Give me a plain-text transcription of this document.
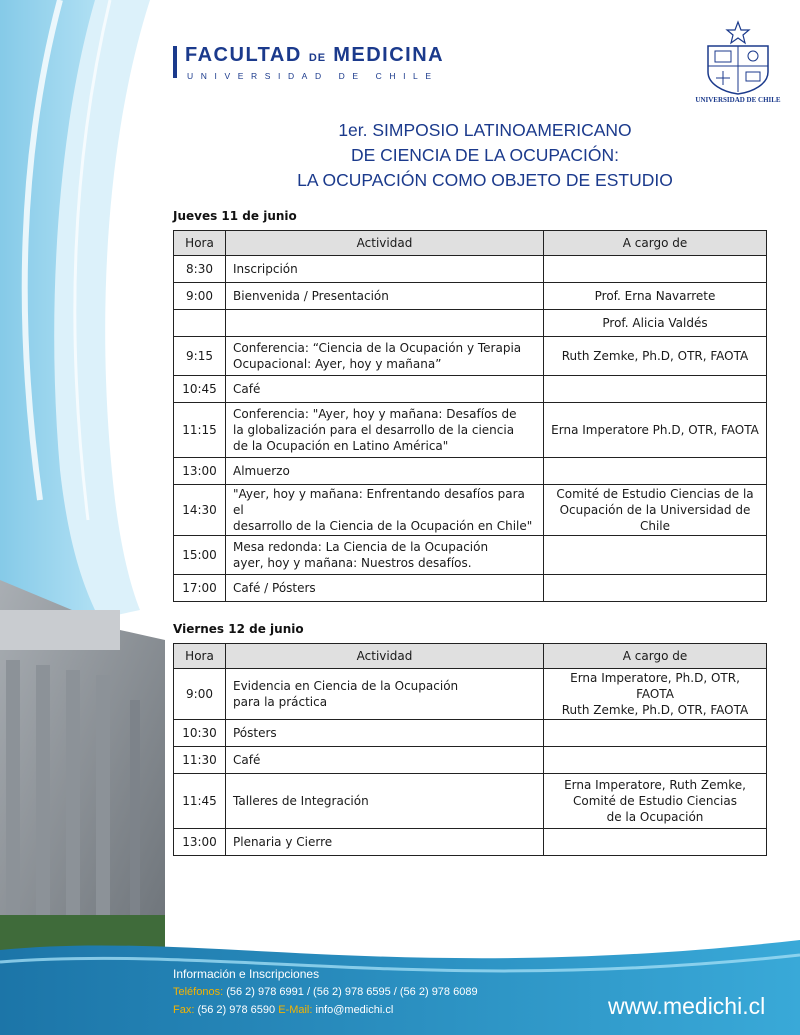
FACULTAD DE MEDICINA
UNIVERSIDAD DE CHILE
UNIVERSIDAD DE CHILE
1er. SIMPOSIO LATINOAMERICANO
DE CIENCIA DE LA OCUPACIÓN:
LA OCUPACIÓN COMO OBJETO DE ESTUDIO
Jueves 11 de junio
Hora	Actividad	A cargo de
8:30	Inscripción	
9:00	Bienvenida / Presentación	Prof. Erna Navarrete
		Prof. Alicia Valdés
9:15	Conferencia: “Ciencia de la Ocupación y Terapia
Ocupacional: Ayer, hoy y mañana”	Ruth Zemke, Ph.D, OTR, FAOTA
10:45	Café	
11:15	Conferencia: "Ayer, hoy y mañana: Desafíos de
la globalización para el desarrollo de la ciencia
de la Ocupación en Latino América"	Erna Imperatore Ph.D, OTR, FAOTA
13:00	Almuerzo	
14:30	"Ayer, hoy y mañana: Enfrentando desafíos para el
desarrollo de la Ciencia de la Ocupación en Chile"	Comité de Estudio Ciencias de la
Ocupación de la Universidad de Chile
15:00	Mesa redonda: La Ciencia de la Ocupación
ayer, hoy y mañana: Nuestros desafíos.	
17:00	Café / Pósters	
Viernes 12 de junio
Hora	Actividad	A cargo de
9:00	Evidencia en Ciencia de la Ocupación
para la práctica	Erna Imperatore, Ph.D, OTR, FAOTA
Ruth Zemke, Ph.D, OTR, FAOTA
10:30	Pósters	
11:30	Café	
11:45	Talleres de Integración	Erna Imperatore, Ruth Zemke,
Comité de Estudio Ciencias
de la Ocupación
13:00	Plenaria y Cierre	
Información e Inscripciones
Teléfonos: (56 2) 978 6991 / (56 2) 978 6595 / (56 2) 978 6089
Fax: (56 2) 978 6590 E-Mail: info@medichi.cl	www.medichi.cl
